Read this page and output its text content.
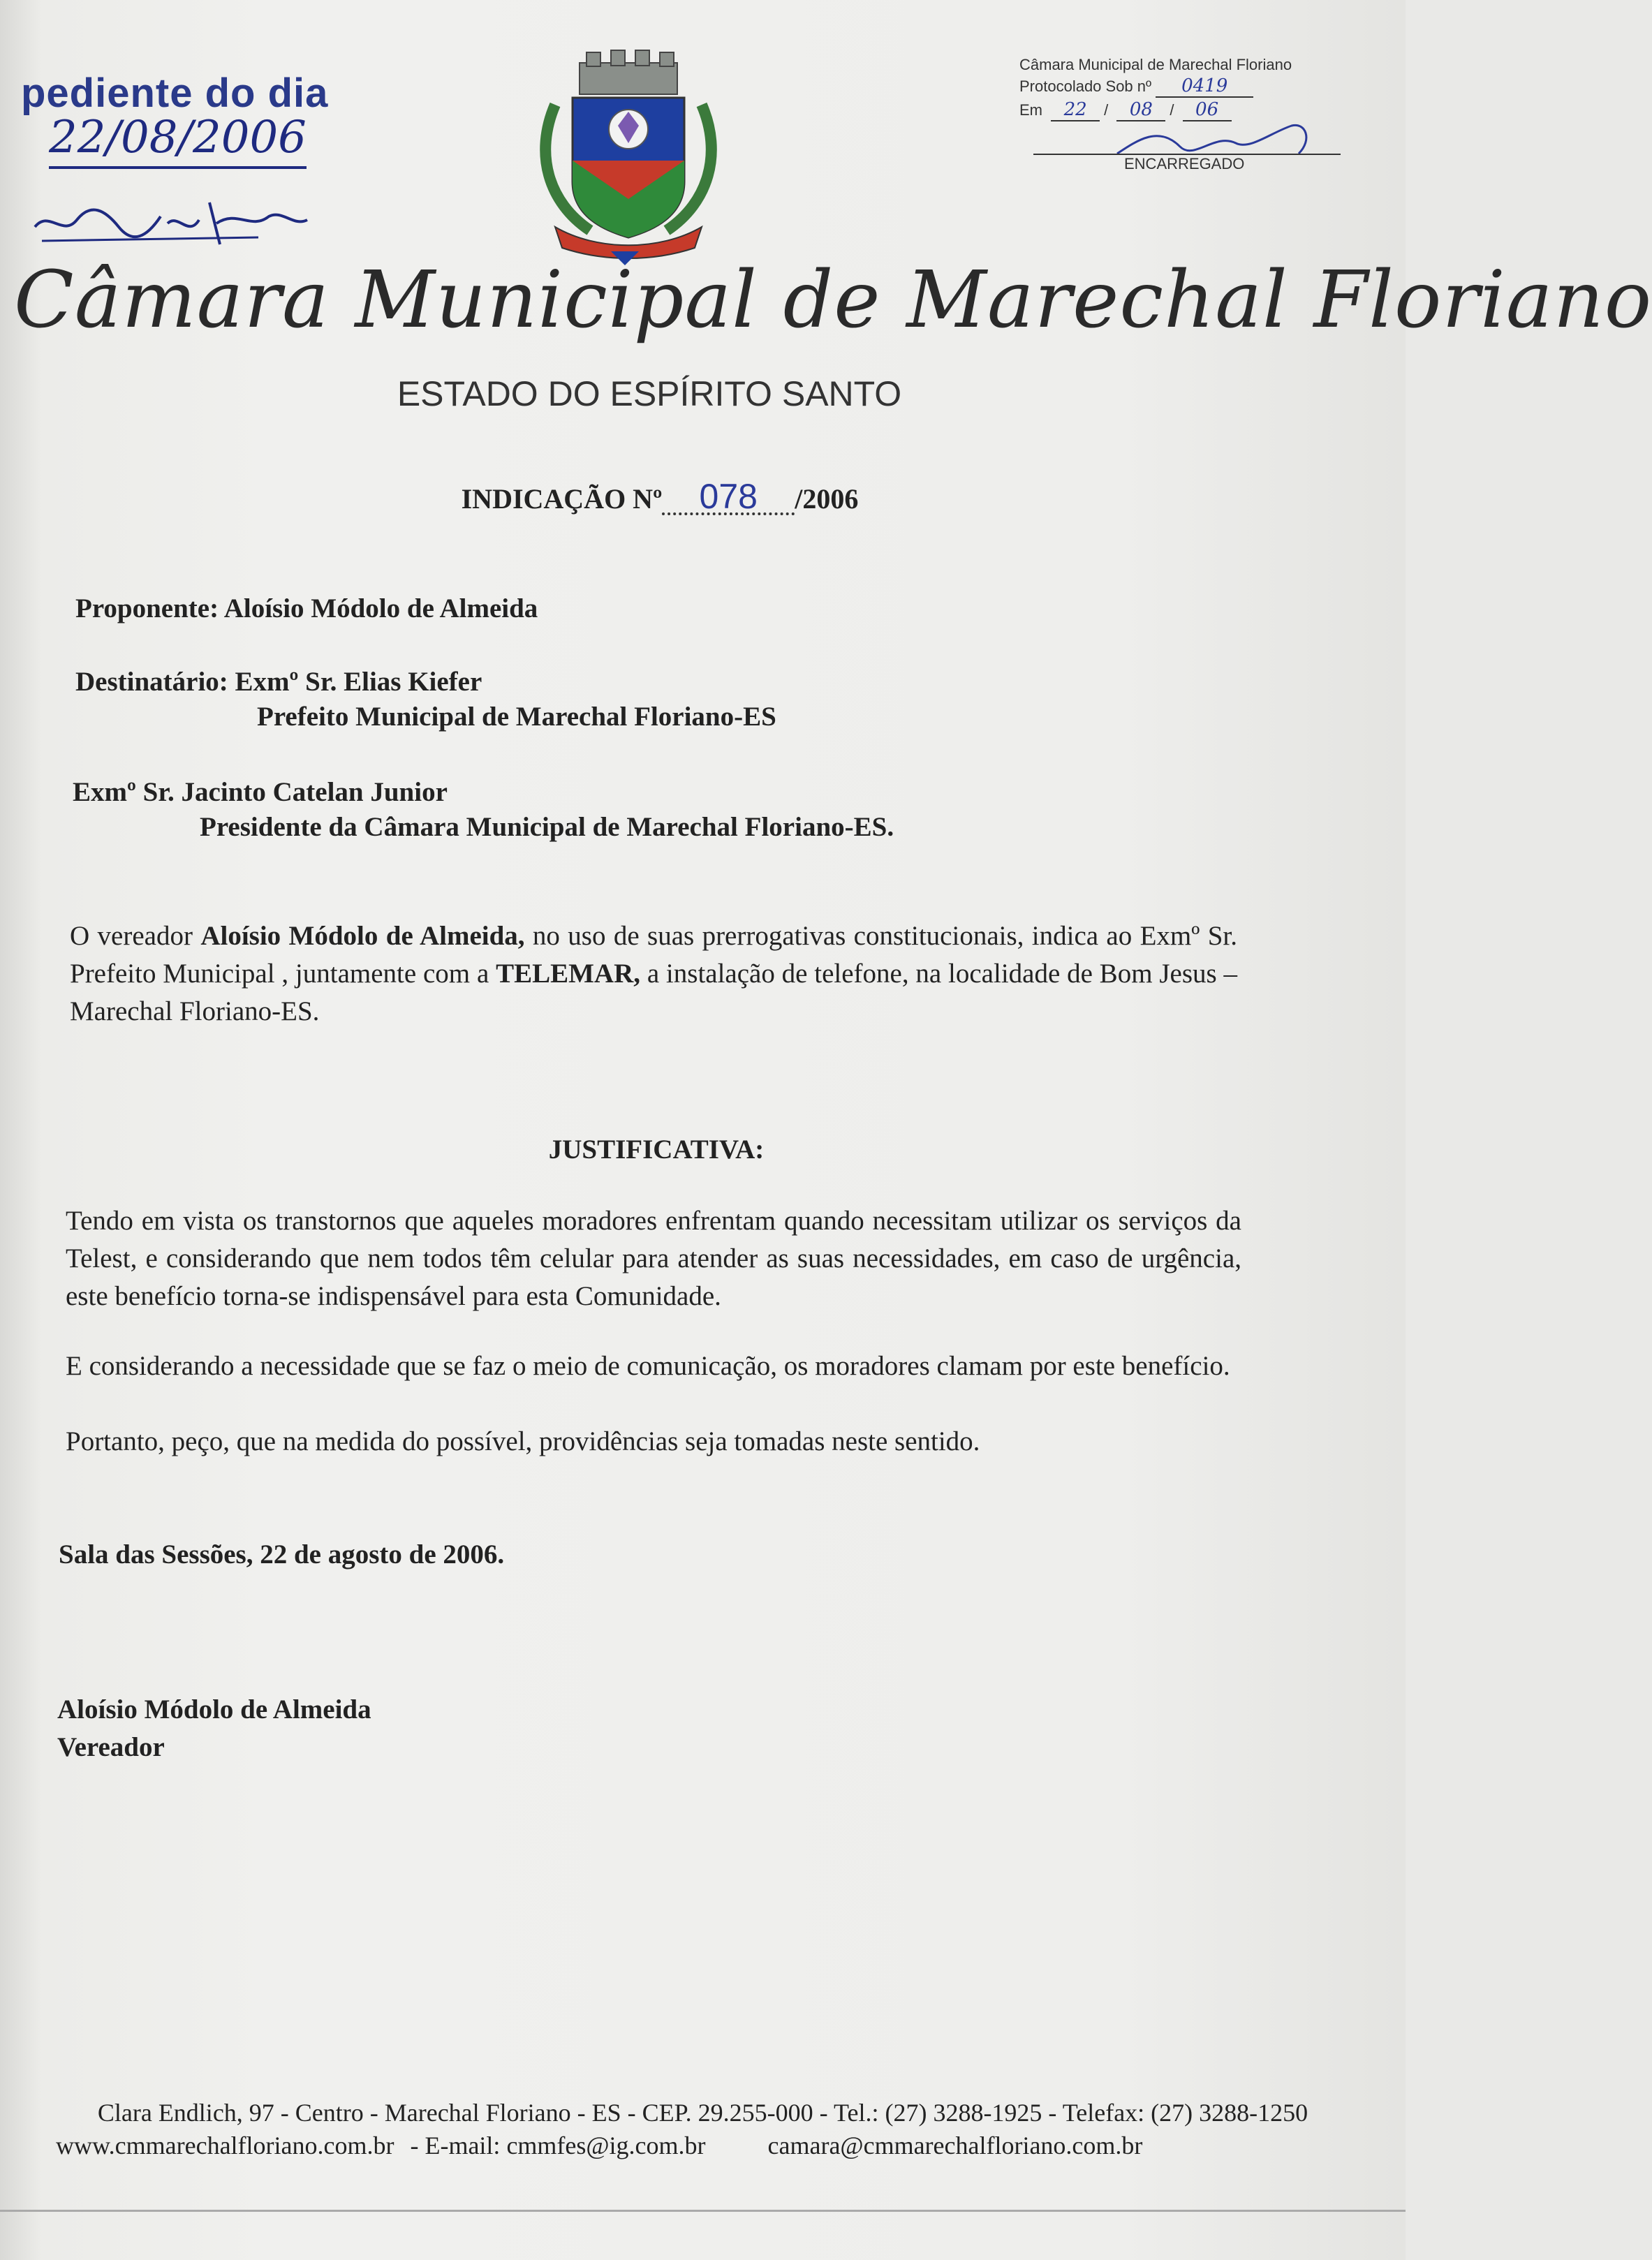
pediente do dia
22/08/2006
Câmara Municipal de Marechal Floriano
Protocolado Sob nº 0419
Em 22 / 08 / 06
ENCARREGADO
Câmara Municipal de Marechal Floriano
ESTADO DO ESPÍRITO SANTO
INDICAÇÃO Nº 078 /2006
Proponente: Aloísio Módolo de Almeida
Destinatário: Exmº Sr. Elias Kiefer
Prefeito Municipal de Marechal Floriano-ES
Exmº Sr. Jacinto Catelan Junior
Presidente da Câmara Municipal de Marechal Floriano-ES.
O vereador Aloísio Módolo de Almeida, no uso de suas prerrogativas constitucionais, indica ao Exmº Sr. Prefeito Municipal , juntamente com a TELEMAR, a instalação de telefone, na localidade de Bom Jesus –Marechal Floriano-ES.
JUSTIFICATIVA:
Tendo em vista os transtornos que aqueles moradores enfrentam quando necessitam utilizar os serviços da Telest, e considerando que nem todos têm celular para atender as suas necessidades, em caso de urgência, este benefício torna-se indispensável para esta Comunidade.
E considerando a necessidade que se faz o meio de comunicação, os moradores clamam por este benefício.
Portanto, peço, que na medida do possível, providências seja tomadas neste sentido.
Sala das Sessões, 22 de agosto de 2006.
Aloísio Módolo de Almeida
Vereador
Clara Endlich, 97 - Centro - Marechal Floriano - ES - CEP. 29.255-000 - Tel.: (27) 3288-1925 - Telefax: (27) 3288-1250
www.cmmarechalfloriano.com.br - E-mail: cmmfes@ig.com.br camara@cmmarechalfloriano.com.br
